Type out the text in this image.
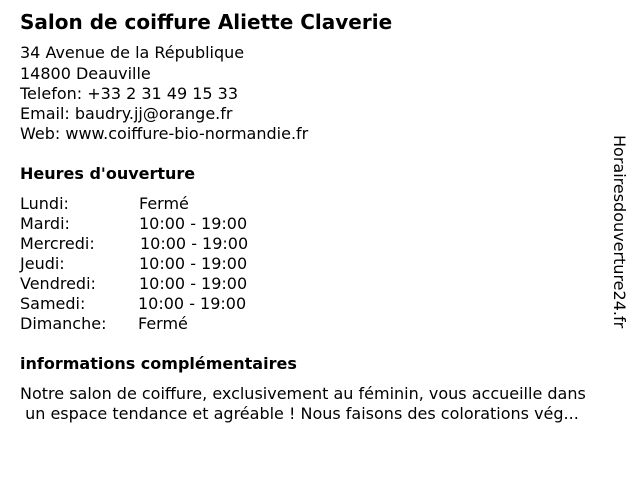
Salon de coiffure Aliette Claverie
34 Avenue de la République
14800 Deauville
Telefon: +33 2 31 49 15 33
Email: baudry.jj@orange.fr
Web: www.coiffure-bio-normandie.fr
Heures d'ouverture
Lundi:	Fermé
Mardi:	10:00 - 19:00
Mercredi:	10:00 - 19:00
Jeudi:	10:00 - 19:00
Vendredi:	10:00 - 19:00
Samedi:	10:00 - 19:00
Dimanche: Fermé
informations complémentaires
Notre salon de coiffure, exclusivement au féminin, vous accueille dans
un espace tendance et agréable ! Nous faisons des colorations vég...
Horairesdouverture24.fr
